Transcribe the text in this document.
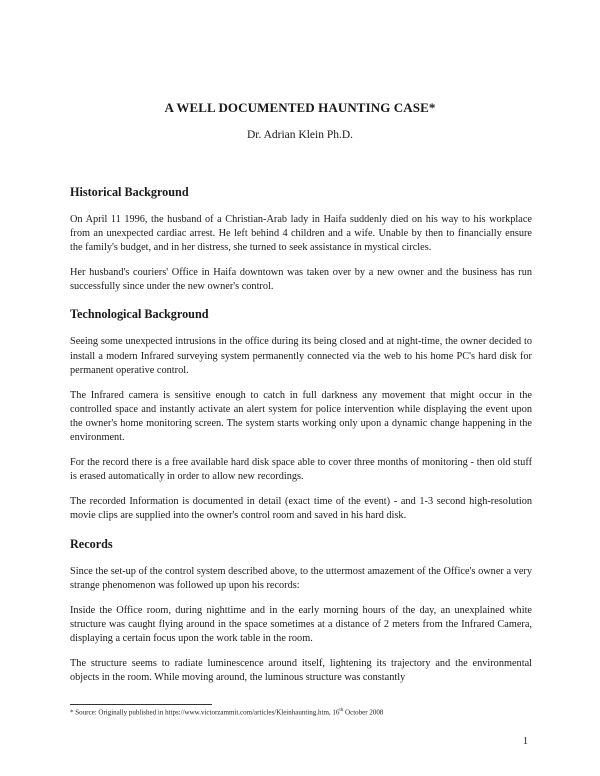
A WELL DOCUMENTED HAUNTING CASE*
Dr. Adrian Klein Ph.D.
Historical Background

On April 11 1996, the husband of a Christian-Arab lady in Haifa suddenly died on his way to his workplace from an unexpected cardiac arrest. He left behind 4 children and a wife. Unable by then to financially ensure the family's budget, and in her distress, she turned to seek assistance in mystical circles.

Her husband's couriers' Office in Haifa downtown was taken over by a new owner and the business has run successfully since under the new owner's control.

Technological Background

Seeing some unexpected intrusions in the office during its being closed and at night-time, the owner decided to install a modern Infrared surveying system permanently connected via the web to his home PC's hard disk for permanent operative control.

The Infrared camera is sensitive enough to catch in full darkness any movement that might occur in the controlled space and instantly activate an alert system for police intervention while displaying the event upon the owner's home monitoring screen. The system starts working only upon a dynamic change happening in the environment.

For the record there is a free available hard disk space able to cover three months of monitoring - then old stuff is erased automatically in order to allow new recordings.

The recorded Information is documented in detail (exact time of the event) - and 1-3 second high-resolution movie clips are supplied into the owner's control room and saved in his hard disk.

Records

Since the set-up of the control system described above, to the uttermost amazement of the Office's owner a very strange phenomenon was followed up upon his records:

Inside the Office room, during nighttime and in the early morning hours of the day, an unexplained white structure was caught flying around in the space sometimes at a distance of 2 meters from the Infrared Camera, displaying a certain focus upon the work table in the room.

The structure seems to radiate luminescence around itself, lightening its trajectory and the environmental objects in the room. While moving around, the luminous structure was constantly

* Source: Originally published in https://www.victorzammit.com/articles/Kleinhaunting.htm, 16th October 2008
1
